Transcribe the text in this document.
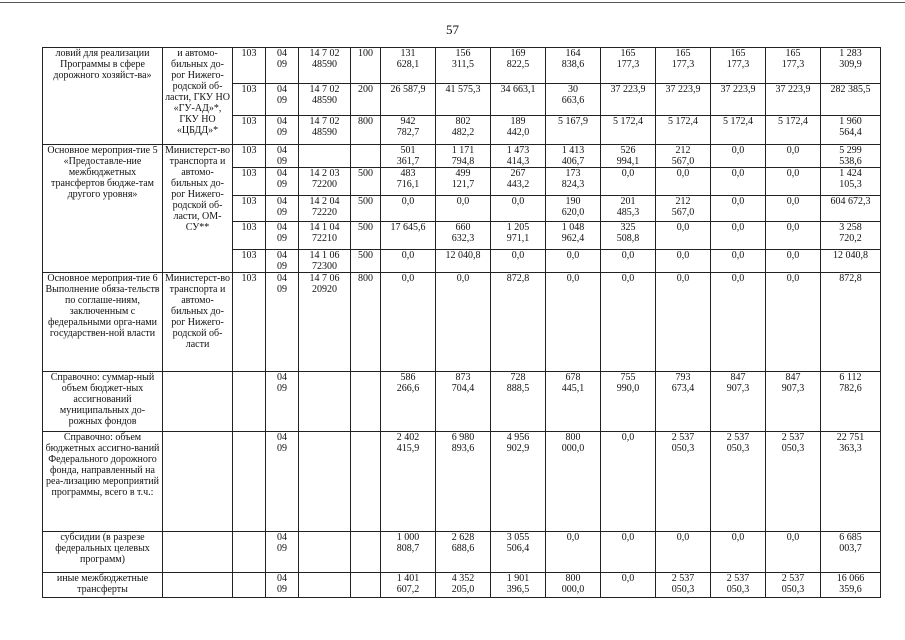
57
ловий для реализации Программы в сфере дорожного хозяйст-ва»	и автомо-бильных до-рог Нижего-родской об-ласти, ГКУ НО «ГУ-АД»*, ГКУ НО «ЦБДД»*	103	04
09	14 7 02
48590	100	131
628,1	156
311,5	169
822,5	164
838,6	165
177,3	165
177,3	165
177,3	165
177,3	1 283
309,9

		103	04
09	14 7 02
48590	200	26 587,9	41 575,3	34 663,1	30
663,6	37 223,9	37 223,9	37 223,9	37 223,9	282 385,5

		103	04
09	14 7 02
48590	800	942
782,7	802
482,2	189
442,0	5 167,9	5 172,4	5 172,4	5 172,4	5 172,4	1 960
564,4

Основное мероприя-тие 5 «Предоставле-ние межбюджетных трансфертов бюдже-там другого уровня»	Министерст-во транспорта и автомо-бильных до-рог Нижего-родской об-ласти, ОМ-СУ**	103	04
09			501
361,7	1 171
794,8	1 473
414,3	1 413
406,7	526
994,1	212
567,0	0,0	0,0	5 299
538,6

		103	04
09	14 2 03
72200	500	483
716,1	499
121,7	267
443,2	173
824,3	0,0	0,0	0,0	0,0	1 424
105,3

		103	04
09	14 2 04
72220	500	0,0	0,0	0,0	190
620,0	201
485,3	212
567,0	0,0	0,0	604 672,3

		103	04
09	14 1 04
72210	500	17 645,6	660
632,3	1 205
971,1	1 048
962,4	325
508,8	0,0	0,0	0,0	3 258
720,2

		103	04
09	14 1 06
72300	500	0,0	12 040,8	0,0	0,0	0,0	0,0	0,0	0,0	12 040,8

Основное мероприя-тие 6 Выполнение обяза-тельств по соглаше-ниям, заключенным с федеральными орга-нами государствен-ной власти	Министерст-во транспорта и автомо-бильных до-рог Нижего-родской об-ласти	103	04
09	14 7 06
20920	800	0,0	0,0	872,8	0,0	0,0	0,0	0,0	0,0	872,8

Справочно: суммар-ный объем бюджет-ных ассигнований муниципальных до-рожных фондов			04
09			586
266,6	873
704,4	728
888,5	678
445,1	755
990,0	793
673,4	847
907,3	847
907,3	6 112
782,6

Справочно: объем бюджетных ассигно-ваний Федерального дорожного фонда, направленный на реа-лизацию мероприятий программы, всего в т.ч.:			04
09			2 402
415,9	6 980
893,6	4 956
902,9	800
000,0	0,0	2 537
050,3	2 537
050,3	2 537
050,3	22 751
363,3

субсидии (в разрезе федеральных целевых программ)			04
09			1 000
808,7	2 628
688,6	3 055
506,4	0,0	0,0	0,0	0,0	0,0	6 685
003,7

иные межбюджетные трансферты			04
09			1 401
607,2	4 352
205,0	1 901
396,5	800
000,0	0,0	2 537
050,3	2 537
050,3	2 537
050,3	16 066
359,6
